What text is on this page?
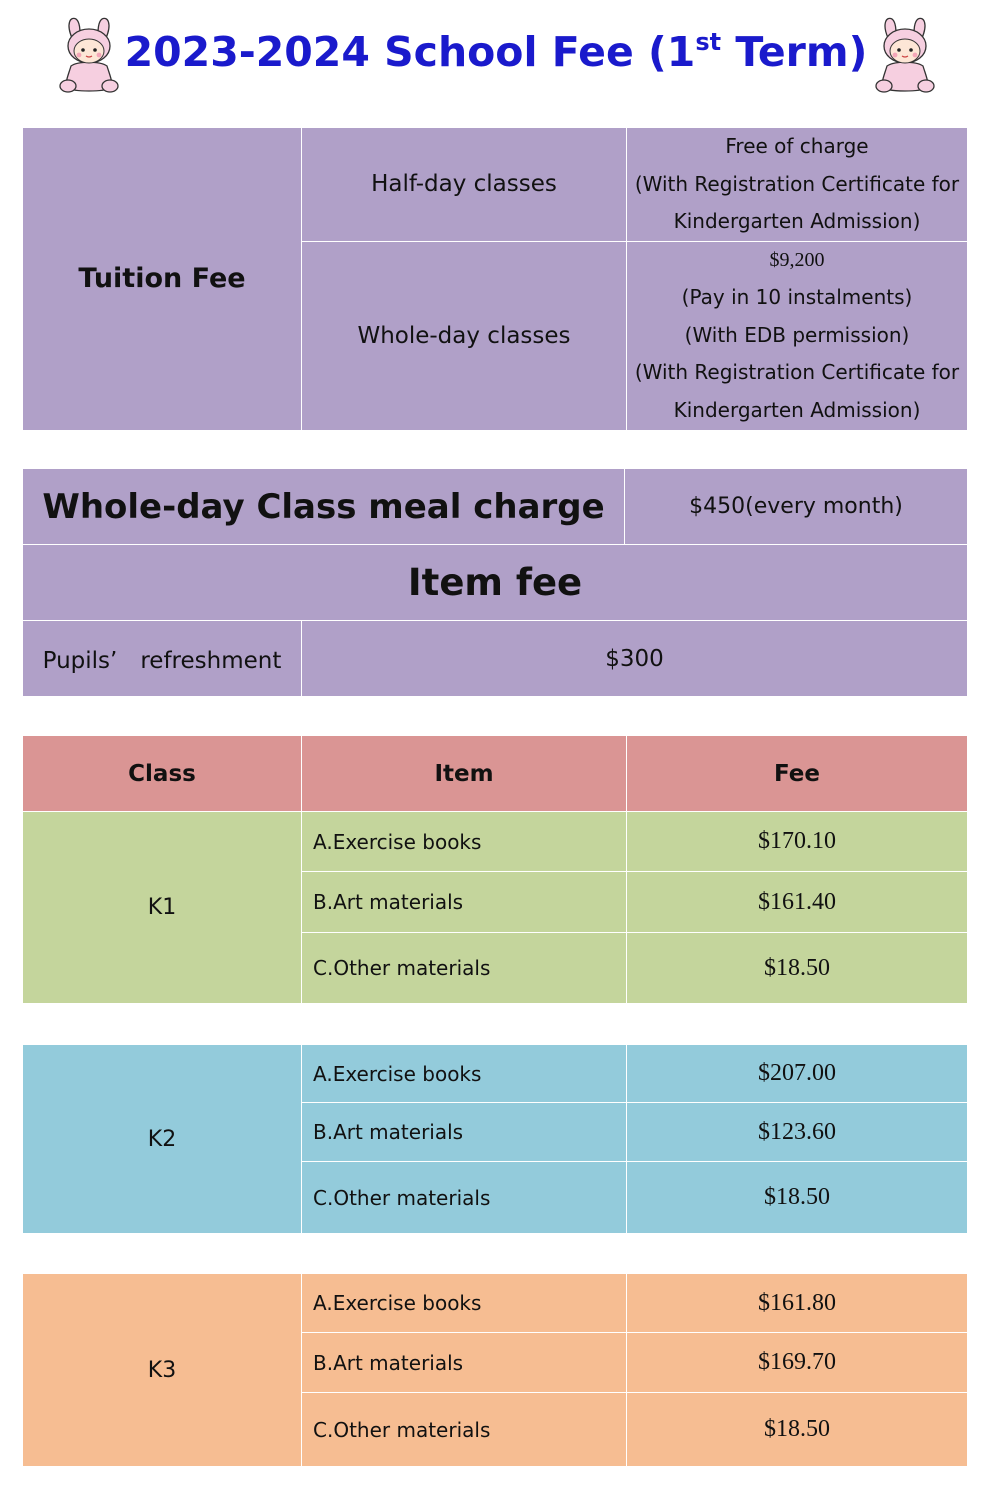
2023-2024 School Fee (1st Term)
Tuition Fee	Half-day classes	Free of charge
(With Registration Certificate for
Kindergarten Admission)

	Whole-day classes	$9,200
(Pay in 10 instalments)
(With EDB permission)
(With Registration Certificate for
Kindergarten Admission)
Whole-day Class meal charge		$450(every month)
Item fee		
Pupils’　refreshment	$300	
Class	Item	Fee
K1	A.Exercise books	$170.10
	B.Art materials	$161.40
	C.Other materials	$18.50
K2	A.Exercise books	$207.00
	B.Art materials	$123.60
	C.Other materials	$18.50
K3	A.Exercise books	$161.80
	B.Art materials	$169.70
	C.Other materials	$18.50
